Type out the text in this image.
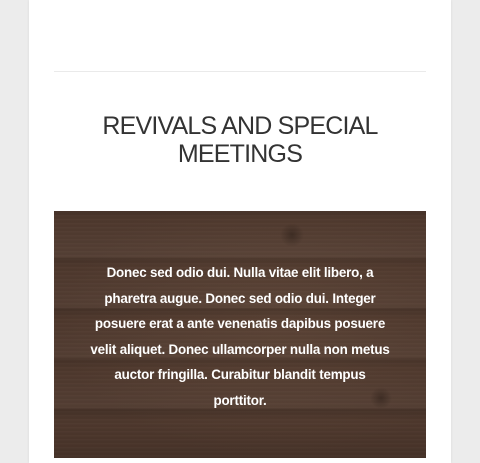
REVIVALS AND SPECIAL MEETINGS

Donec sed odio dui. Nulla vitae elit libero, a pharetra augue. Donec sed odio dui. Integer posuere erat a ante venenatis dapibus posuere velit aliquet. Donec ullamcorper nulla non metus auctor fringilla. Curabitur blandit tempus porttitor.
